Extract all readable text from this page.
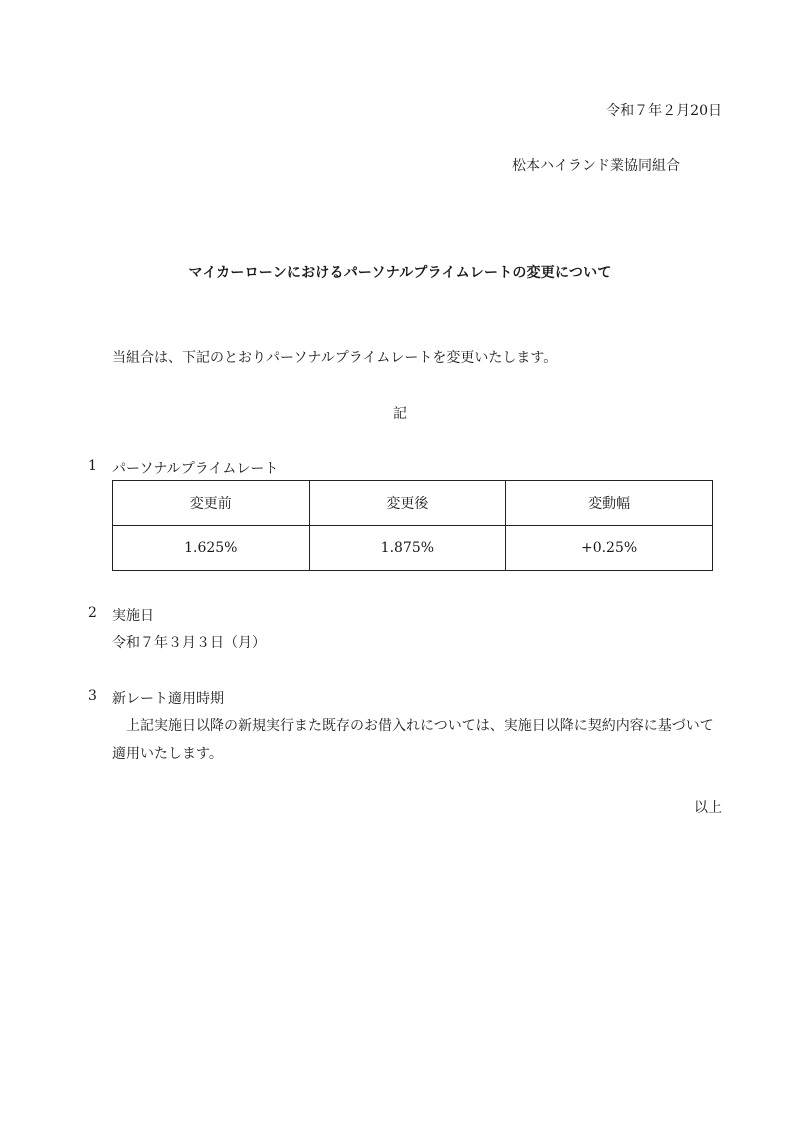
令和７年２月20日

松本ハイランド業協同組合

マイカーローンにおけるパーソナルプライムレートの変更について

当組合は、下記のとおりパーソナルプライムレートを変更いたします。

記

1 パーソナルプライムレート
変更前	変更後	変動幅
1.625%	1.875%	+0.25%
2 実施日
令和７年３月３日（月）
3 新レート適用時期

上記実施日以降の新規実行また既存のお借入れについては、実施日以降に契約内容に基づいて適用いたします。

以上
